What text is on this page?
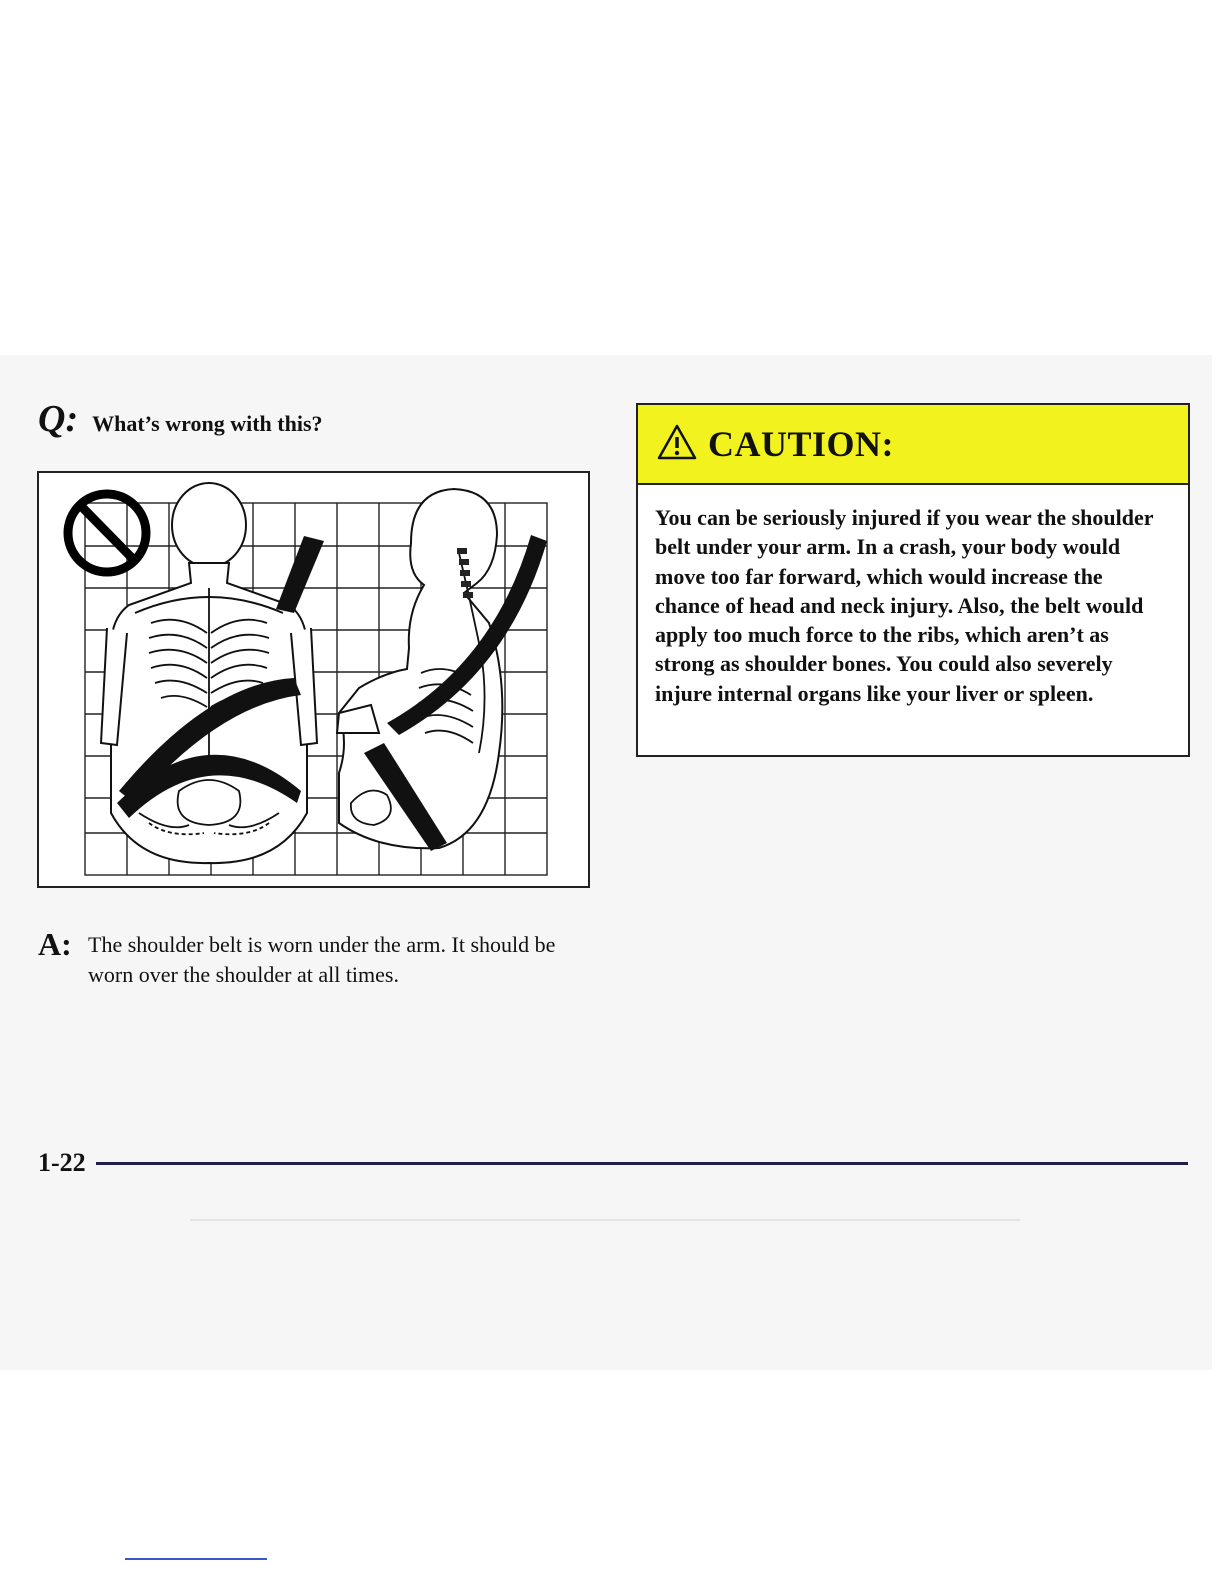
Q: What’s wrong with this?
A: The shoulder belt is worn under the arm. It should be worn over the shoulder at all times.
CAUTION:
You can be seriously injured if you wear the shoulder belt under your arm. In a crash, your body would move too far forward, which would increase the chance of head and neck injury. Also, the belt would apply too much force to the ribs, which aren’t as strong as shoulder bones. You could also severely injure internal organs like your liver or spleen.
1-22
